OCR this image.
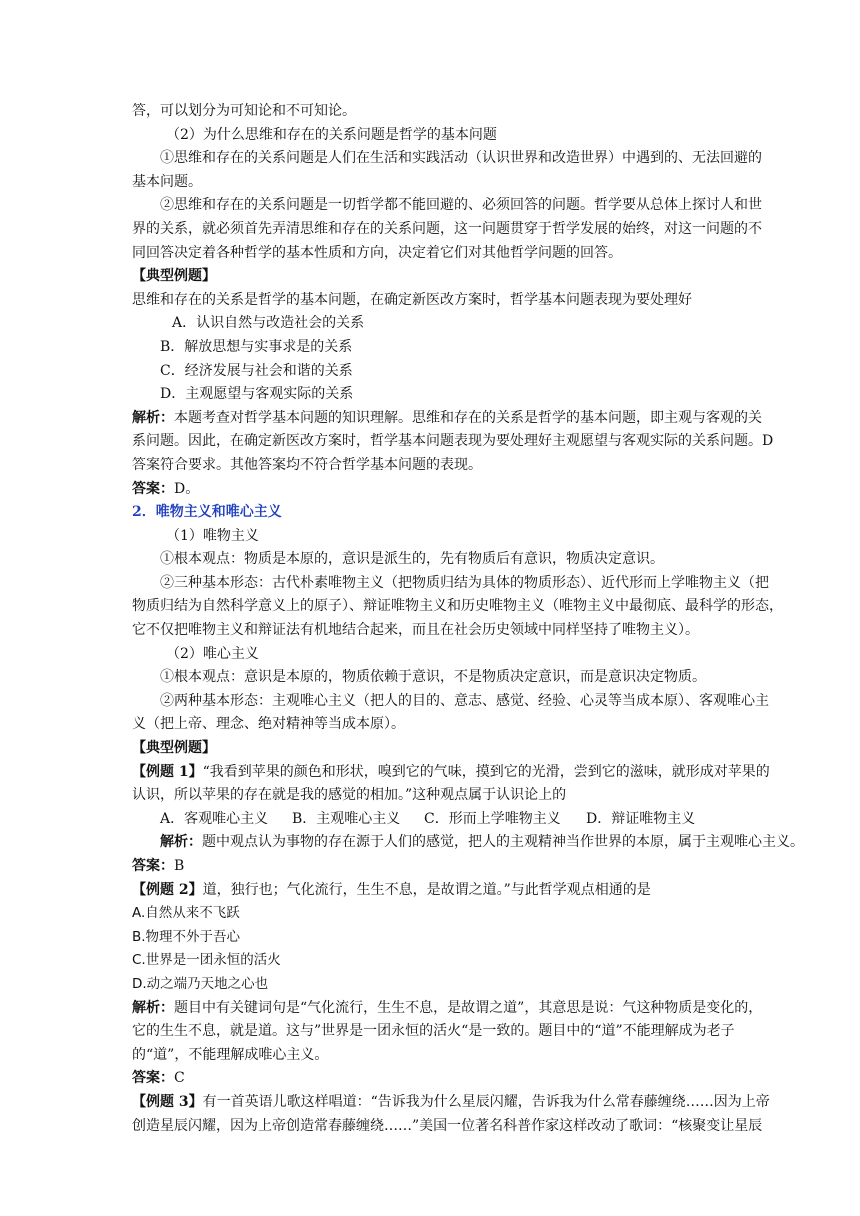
答，可以划分为可知论和不可知论。
（2）为什么思维和存在的关系问题是哲学的基本问题
①思维和存在的关系问题是人们在生活和实践活动（认识世界和改造世界）中遇到的、无法回避的
基本问题。
②思维和存在的关系问题是一切哲学都不能回避的、必须回答的问题。哲学要从总体上探讨人和世
界的关系，就必须首先弄清思维和存在的关系问题，这一问题贯穿于哲学发展的始终，对这一问题的不
同回答决定着各种哲学的基本性质和方向，决定着它们对其他哲学问题的回答。
【典型例题】
思维和存在的关系是哲学的基本问题，在确定新医改方案时，哲学基本问题表现为要处理好
A．认识自然与改造社会的关系
B．解放思想与实事求是的关系
C．经济发展与社会和谐的关系
D．主观愿望与客观实际的关系
解析：本题考查对哲学基本问题的知识理解。思维和存在的关系是哲学的基本问题，即主观与客观的关
系问题。因此，在确定新医改方案时，哲学基本问题表现为要处理好主观愿望与客观实际的关系问题。D
答案符合要求。其他答案均不符合哲学基本问题的表现。
答案：D。
2．唯物主义和唯心主义
（1）唯物主义
①根本观点：物质是本原的，意识是派生的，先有物质后有意识，物质决定意识。
②三种基本形态：古代朴素唯物主义（把物质归结为具体的物质形态）、近代形而上学唯物主义（把
物质归结为自然科学意义上的原子）、辩证唯物主义和历史唯物主义（唯物主义中最彻底、最科学的形态，
它不仅把唯物主义和辩证法有机地结合起来，而且在社会历史领域中同样坚持了唯物主义）。
（2）唯心主义
①根本观点：意识是本原的，物质依赖于意识，不是物质决定意识，而是意识决定物质。
②两种基本形态：主观唯心主义（把人的目的、意志、感觉、经验、心灵等当成本原）、客观唯心主
义（把上帝、理念、绝对精神等当成本原）。
【典型例题】
【例题 1】“我看到苹果的颜色和形状，嗅到它的气味，摸到它的光滑，尝到它的滋味，就形成对苹果的
认识，所以苹果的存在就是我的感觉的相加。”这种观点属于认识论上的
A．客观唯心主义	B．主观唯心主义	C．形而上学唯物主义	D．辩证唯物主义
解析：题中观点认为事物的存在源于人们的感觉，把人的主观精神当作世界的本原，属于主观唯心主义。
答案：B
【例题 2】道，独行也；气化流行，生生不息，是故谓之道。”与此哲学观点相通的是
A.自然从来不飞跃
B.物理不外于吾心
C.世界是一团永恒的活火
D.动之端乃天地之心也
解析：题目中有关键词句是“气化流行，生生不息，是故谓之道”，其意思是说：气这种物质是变化的，
它的生生不息，就是道。这与”世界是一团永恒的活火“是一致的。题目中的“道”不能理解成为老子
的“道”，不能理解成唯心主义。
答案：C
【例题 3】有一首英语儿歌这样唱道：“告诉我为什么星辰闪耀，告诉我为什么常春藤缠绕……因为上帝
创造星辰闪耀，因为上帝创造常春藤缠绕……”美国一位著名科普作家这样改动了歌词：“核聚变让星辰
